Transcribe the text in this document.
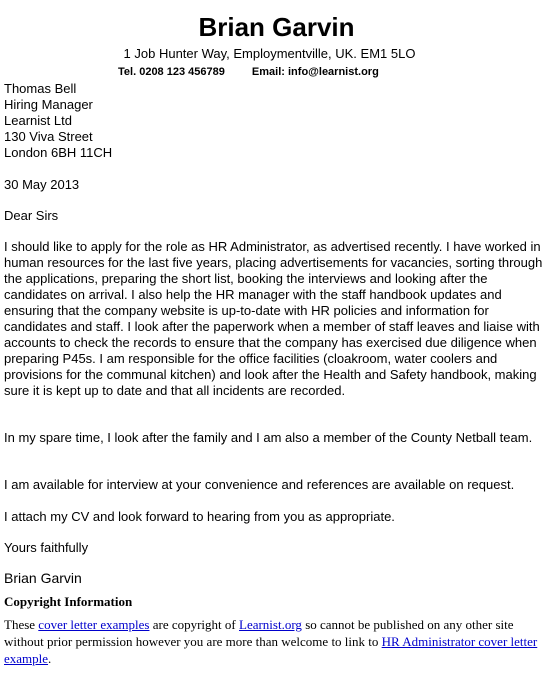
Brian Garvin
1 Job Hunter Way, Employmentville, UK. EM1 5LO
Tel. 0208 123 456789 Email: info@learnist.org
Thomas Bell
Hiring Manager
Learnist Ltd
130 Viva Street
London 6BH 11CH
30 May 2013
Dear Sirs
I should like to apply for the role as HR Administrator, as advertised recently. I have worked in human resources for the last five years, placing advertisements for vacancies, sorting through the applications, preparing the short list, booking the interviews and looking after the candidates on arrival. I also help the HR manager with the staff handbook updates and ensuring that the company website is up-to-date with HR policies and information for candidates and staff. I look after the paperwork when a member of staff leaves and liaise with accounts to check the records to ensure that the company has exercised due diligence when preparing P45s. I am responsible for the office facilities (cloakroom, water coolers and provisions for the communal kitchen) and look after the Health and Safety handbook, making sure it is kept up to date and that all incidents are recorded.
In my spare time, I look after the family and I am also a member of the County Netball team.
I am available for interview at your convenience and references are available on request.
I attach my CV and look forward to hearing from you as appropriate.
Yours faithfully
Brian Garvin
Copyright Information
These cover letter examples are copyright of Learnist.org so cannot be published on any other site without prior permission however you are more than welcome to link to HR Administrator cover letter example.
